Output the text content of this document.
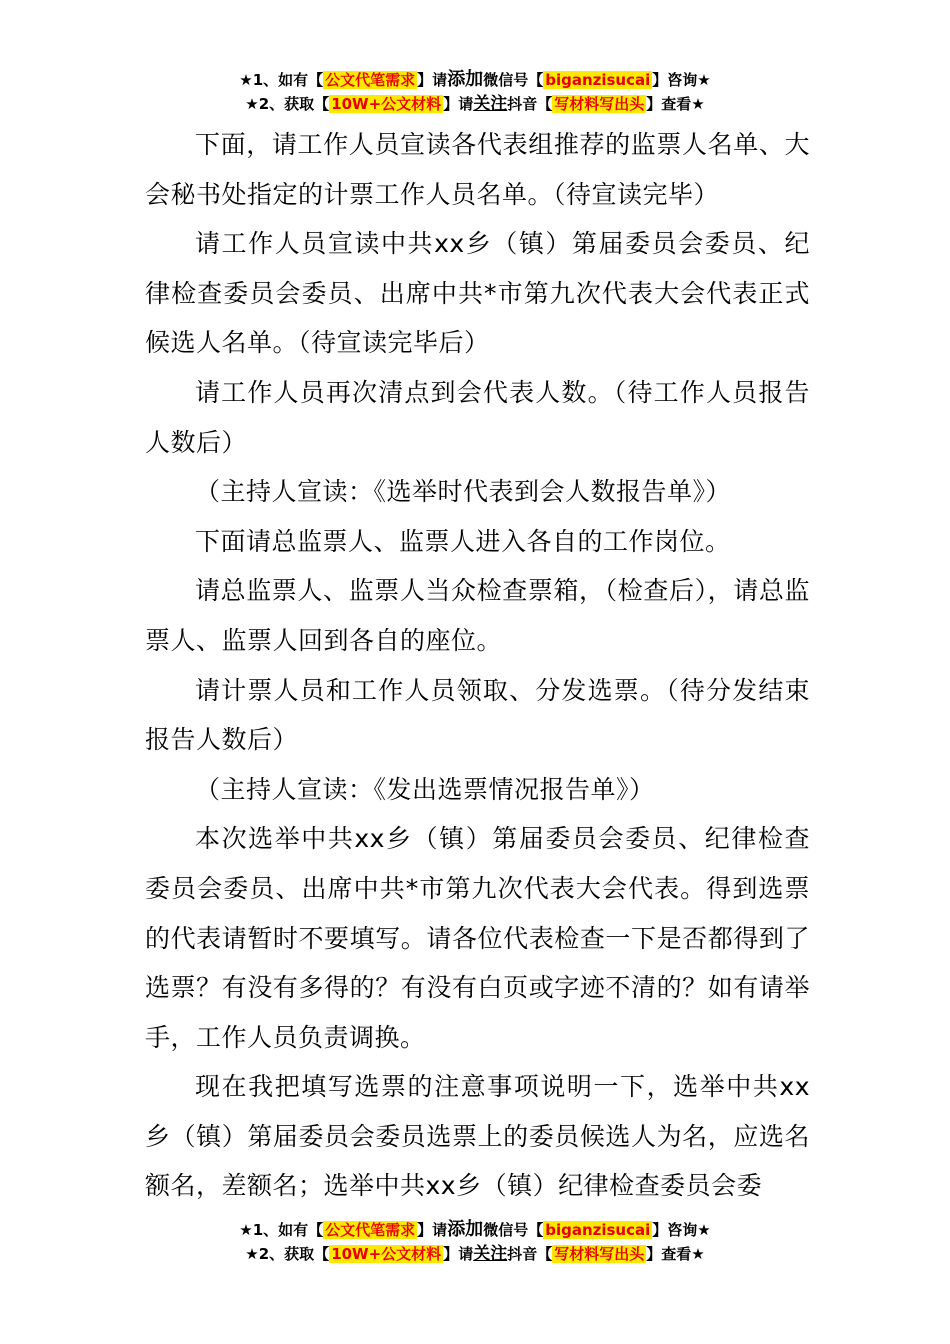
★1、如有【 公文代笔需求 】请添加微信号【 biganzisucai 】咨询★
★2、获取【 10W+公文材料 】请关注抖音【 写材料写出头 】查看★

下面，请工作人员宣读各代表组推荐的监票人名单、大会秘书处指定的计票工作人员名单。（待宣读完毕）

请工作人员宣读中共xx乡（镇）第届委员会委员、纪律检查委员会委员、出席中共*市第九次代表大会代表正式候选人名单。（待宣读完毕后）

请工作人员再次清点到会代表人数。（待工作人员报告人数后）

（主持人宣读：《选举时代表到会人数报告单》）

下面请总监票人、监票人进入各自的工作岗位。

请总监票人、监票人当众检查票箱，（检查后），请总监票人、监票人回到各自的座位。

请计票人员和工作人员领取、分发选票。（待分发结束报告人数后）

（主持人宣读：《发出选票情况报告单》）

本次选举中共xx乡（镇）第届委员会委员、纪律检查委员会委员、出席中共*市第九次代表大会代表。得到选票的代表请暂时不要填写。请各位代表检查一下是否都得到了选票？有没有多得的？有没有白页或字迹不清的？如有请举手，工作人员负责调换。

现在我把填写选票的注意事项说明一下，选举中共xx乡（镇）第届委员会委员选票上的委员候选人为名，应选名额名，差额名；选举中共xx乡（镇）纪律检查委员会委

★1、如有【 公文代笔需求 】请添加微信号【 biganzisucai 】咨询★
★2、获取【 10W+公文材料 】请关注抖音【 写材料写出头 】查看★
